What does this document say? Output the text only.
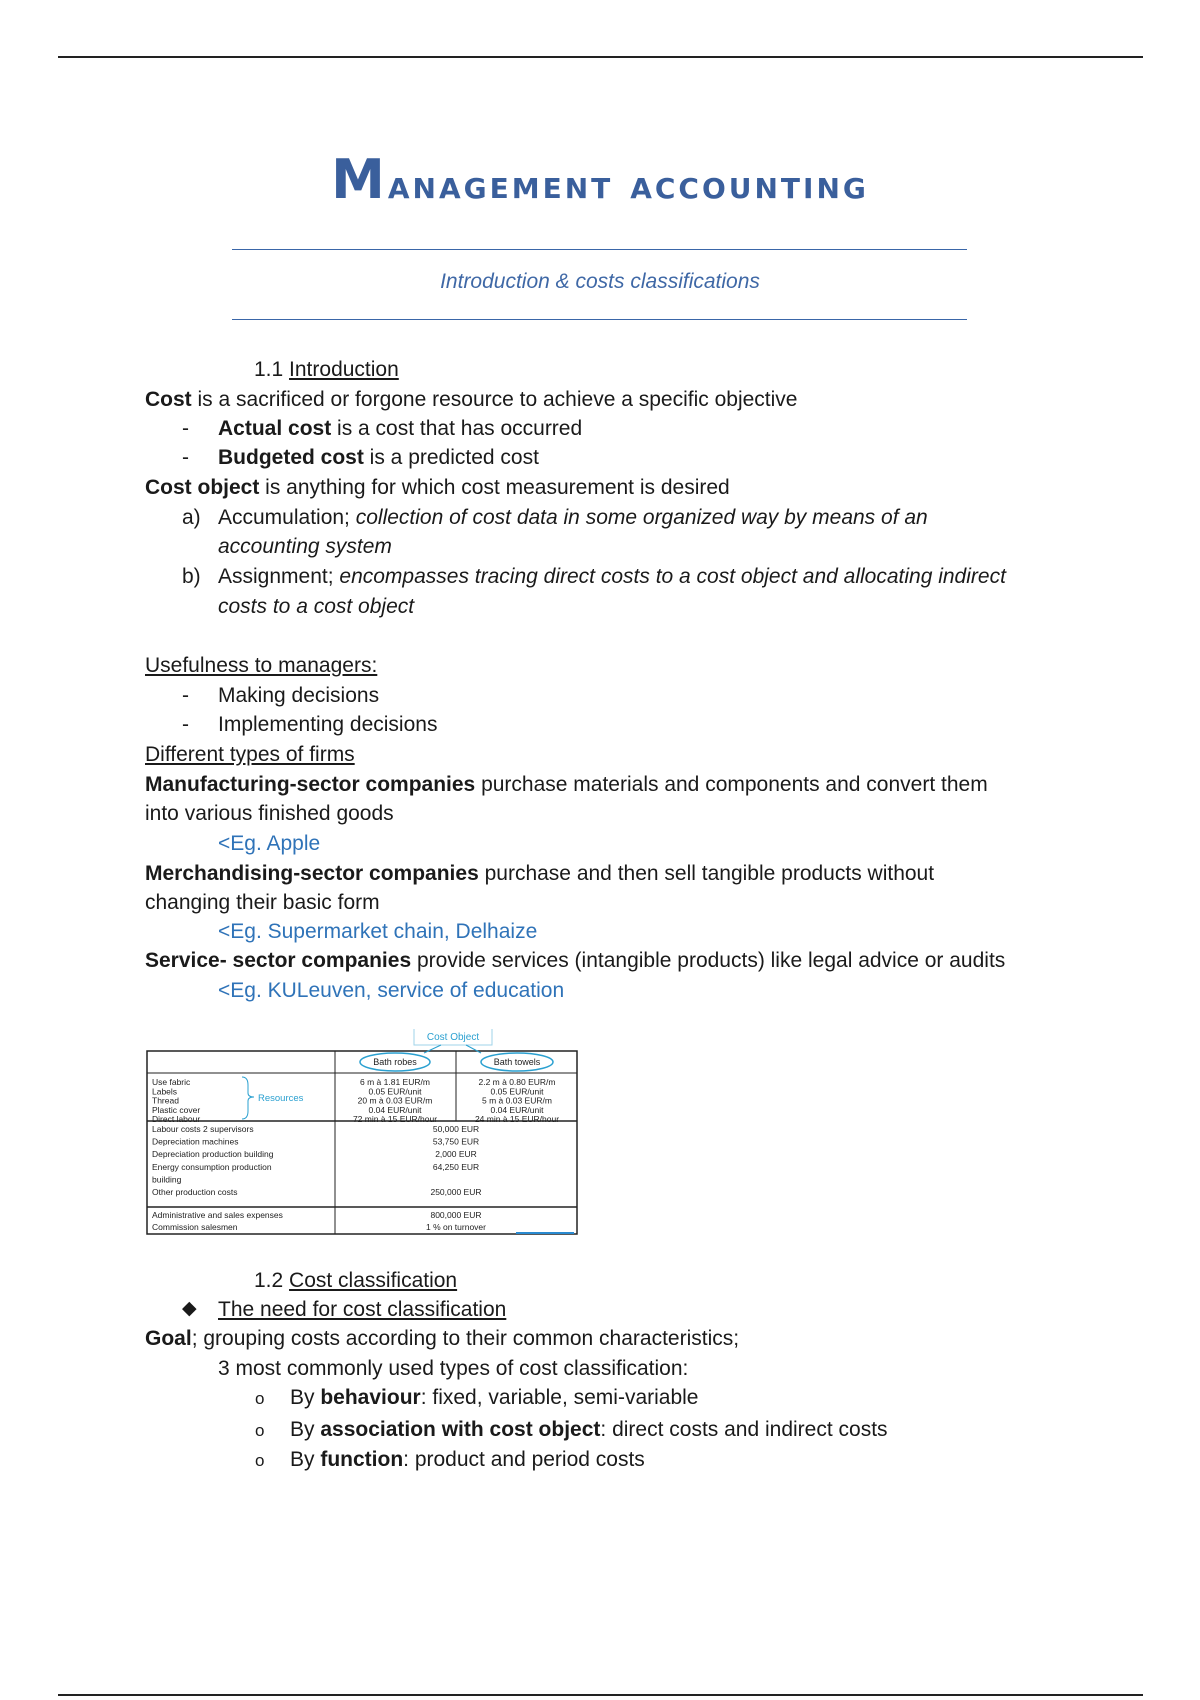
Management accounting
Introduction & costs classifications
1.1 Introduction
Cost is a sacrificed or forgone resource to achieve a specific objective
- Actual cost is a cost that has occurred
- Budgeted cost is a predicted cost
Cost object is anything for which cost measurement is desired
a) Accumulation; collection of cost data in some organized way by means of an
accounting system
b) Assignment; encompasses tracing direct costs to a cost object and allocating indirect
costs to a cost object
Usefulness to managers:
- Making decisions
- Implementing decisions
Different types of firms
Manufacturing-sector companies purchase materials and components and convert them
into various finished goods
<Eg. Apple
Merchandising-sector companies purchase and then sell tangible products without
changing their basic form
<Eg. Supermarket chain, Delhaize
Service- sector companies provide services (intangible products) like legal advice or audits
<Eg. KULeuven, service of education
Cost Object
Bath robes	Bath towels
Resources
Use fabric	6 m à 1.81 EUR/m	2.2 m à 0.80 EUR/m
Labels	0.05 EUR/unit	0.05 EUR/unit
Thread	20 m à 0.03 EUR/m	5 m à 0.03 EUR/m
Plastic cover	0.04 EUR/unit	0.04 EUR/unit
Direct labour	72 min à 15 EUR/hour	24 min à 15 EUR/hour
Labour costs 2 supervisors	50,000 EUR
Depreciation machines	53,750 EUR
Depreciation production building	2,000 EUR
Energy consumption production	64,250 EUR
building
Other production costs	250,000 EUR
Administrative and sales expenses	800,000 EUR
Commission salesmen	1 % on turnover
1.2 Cost classification
◆ The need for cost classification
Goal; grouping costs according to their common characteristics;
3 most commonly used types of cost classification:
o By behaviour: fixed, variable, semi-variable
o By association with cost object: direct costs and indirect costs
o By function: product and period costs
